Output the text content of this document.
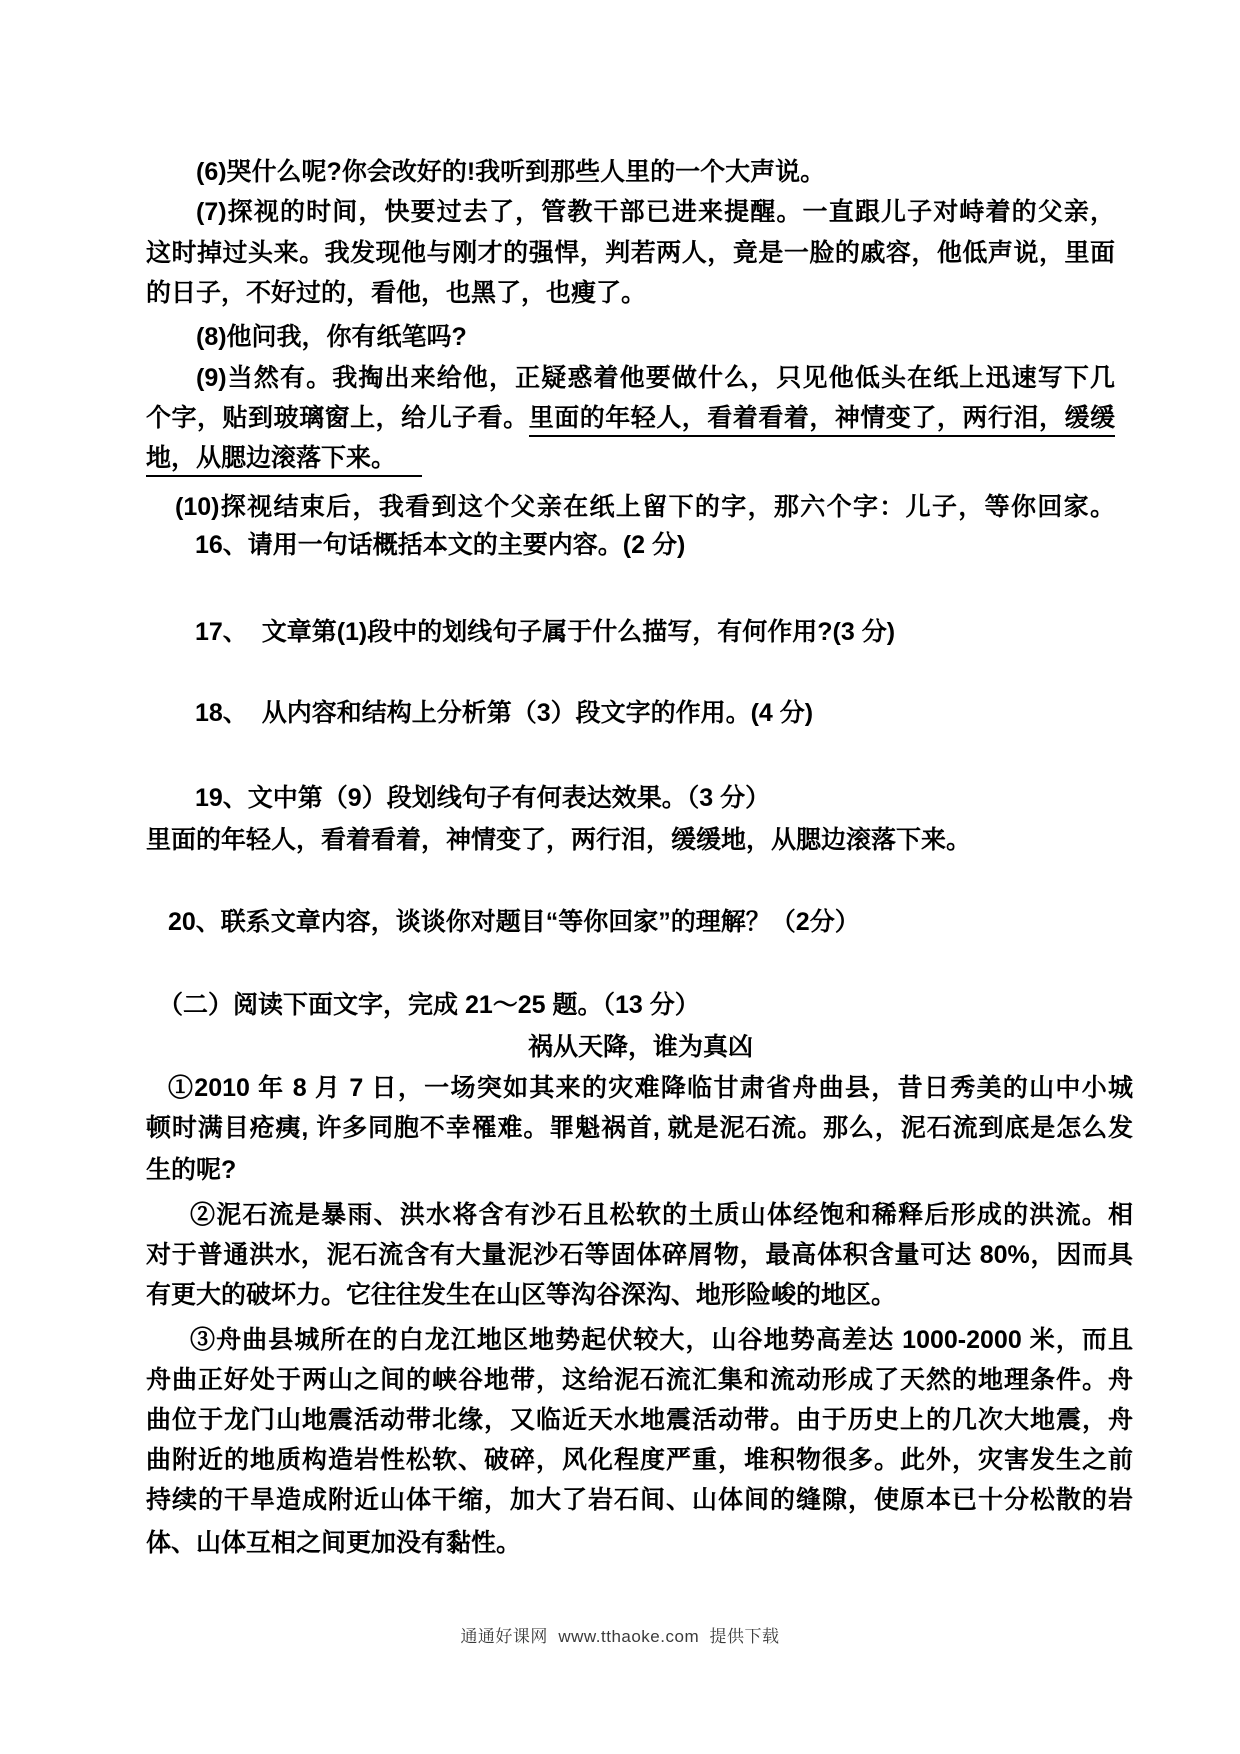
(6)哭什么呢?你会改好的!我听到那些人里的一个大声说。
(7)探视的时间，快要过去了，管教干部已进来提醒。一直跟儿子对峙着的父亲，
这时掉过头来。我发现他与刚才的强悍，判若两人，竟是一脸的戚容，他低声说，里面
的日子，不好过的，看他，也黑了，也瘦了。
(8)他问我，你有纸笔吗?
(9)当然有。我掏出来给他，正疑惑着他要做什么，只见他低头在纸上迅速写下几
个字，贴到玻璃窗上，给儿子看。里面的年轻人，看着看着，神情变了，两行泪，缓缓
地，从腮边滚落下来。
(10)探视结束后，我看到这个父亲在纸上留下的字，那六个字：儿子，等你回家。
16、请用一句话概括本文的主要内容。(2 分)
17、  文章第(1)段中的划线句子属于什么描写，有何作用?(3 分)
18、  从内容和结构上分析第（3）段文字的作用。(4 分)
19、文中第（9）段划线句子有何表达效果。（3 分）
里面的年轻人，看着看着，神情变了，两行泪，缓缓地，从腮边滚落下来。
20、联系文章内容，谈谈你对题目“等你回家”的理解？（2分）
（二）阅读下面文字，完成 21～25 题。（13 分）
祸从天降，谁为真凶
①2010 年 8 月 7 日，一场突如其来的灾难降临甘肃省舟曲县，昔日秀美的山中小城
顿时满目疮痍, 许多同胞不幸罹难。罪魁祸首, 就是泥石流。那么，泥石流到底是怎么发
生的呢?
②泥石流是暴雨、洪水将含有沙石且松软的土质山体经饱和稀释后形成的洪流。相
对于普通洪水，泥石流含有大量泥沙石等固体碎屑物，最高体积含量可达 80%，因而具
有更大的破坏力。它往往发生在山区等沟谷深沟、地形险峻的地区。
③舟曲县城所在的白龙江地区地势起伏较大，山谷地势高差达 1000-2000 米，而且
舟曲正好处于两山之间的峡谷地带，这给泥石流汇集和流动形成了天然的地理条件。舟
曲位于龙门山地震活动带北缘，又临近天水地震活动带。由于历史上的几次大地震，舟
曲附近的地质构造岩性松软、破碎，风化程度严重，堆积物很多。此外，灾害发生之前
持续的干旱造成附近山体干缩，加大了岩石间、山体间的缝隙，使原本已十分松散的岩
体、山体互相之间更加没有黏性。
通通好课网  www.tthaoke.com  提供下载
